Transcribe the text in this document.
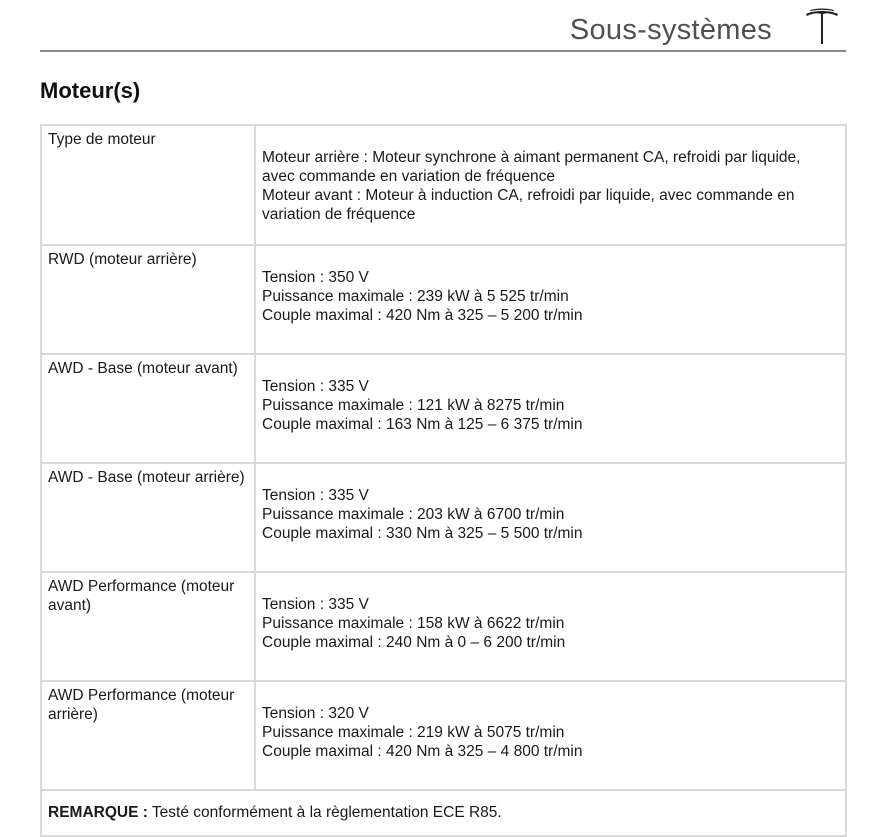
Sous-systèmes
Moteur(s)
Type de moteur	Moteur arrière : Moteur synchrone à aimant permanent CA, refroidi par liquide,
avec commande en variation de fréquence
Moteur avant : Moteur à induction CA, refroidi par liquide, avec commande en
variation de fréquence

RWD (moteur arrière)	Tension : 350 V
Puissance maximale : 239 kW à 5 525 tr/min
Couple maximal : 420 Nm à 325 – 5 200 tr/min

AWD - Base (moteur avant)	Tension : 335 V
Puissance maximale : 121 kW à 8275 tr/min
Couple maximal : 163 Nm à 125 – 6 375 tr/min

AWD - Base (moteur arrière)	Tension : 335 V
Puissance maximale : 203 kW à 6700 tr/min
Couple maximal : 330 Nm à 325 – 5 500 tr/min

AWD Performance (moteur avant)	Tension : 335 V
Puissance maximale : 158 kW à 6622 tr/min
Couple maximal : 240 Nm à 0 – 6 200 tr/min

AWD Performance (moteur arrière)	Tension : 320 V
Puissance maximale : 219 kW à 5075 tr/min
Couple maximal : 420 Nm à 325 – 4 800 tr/min

REMARQUE : Testé conformément à la règlementation ECE R85.	
